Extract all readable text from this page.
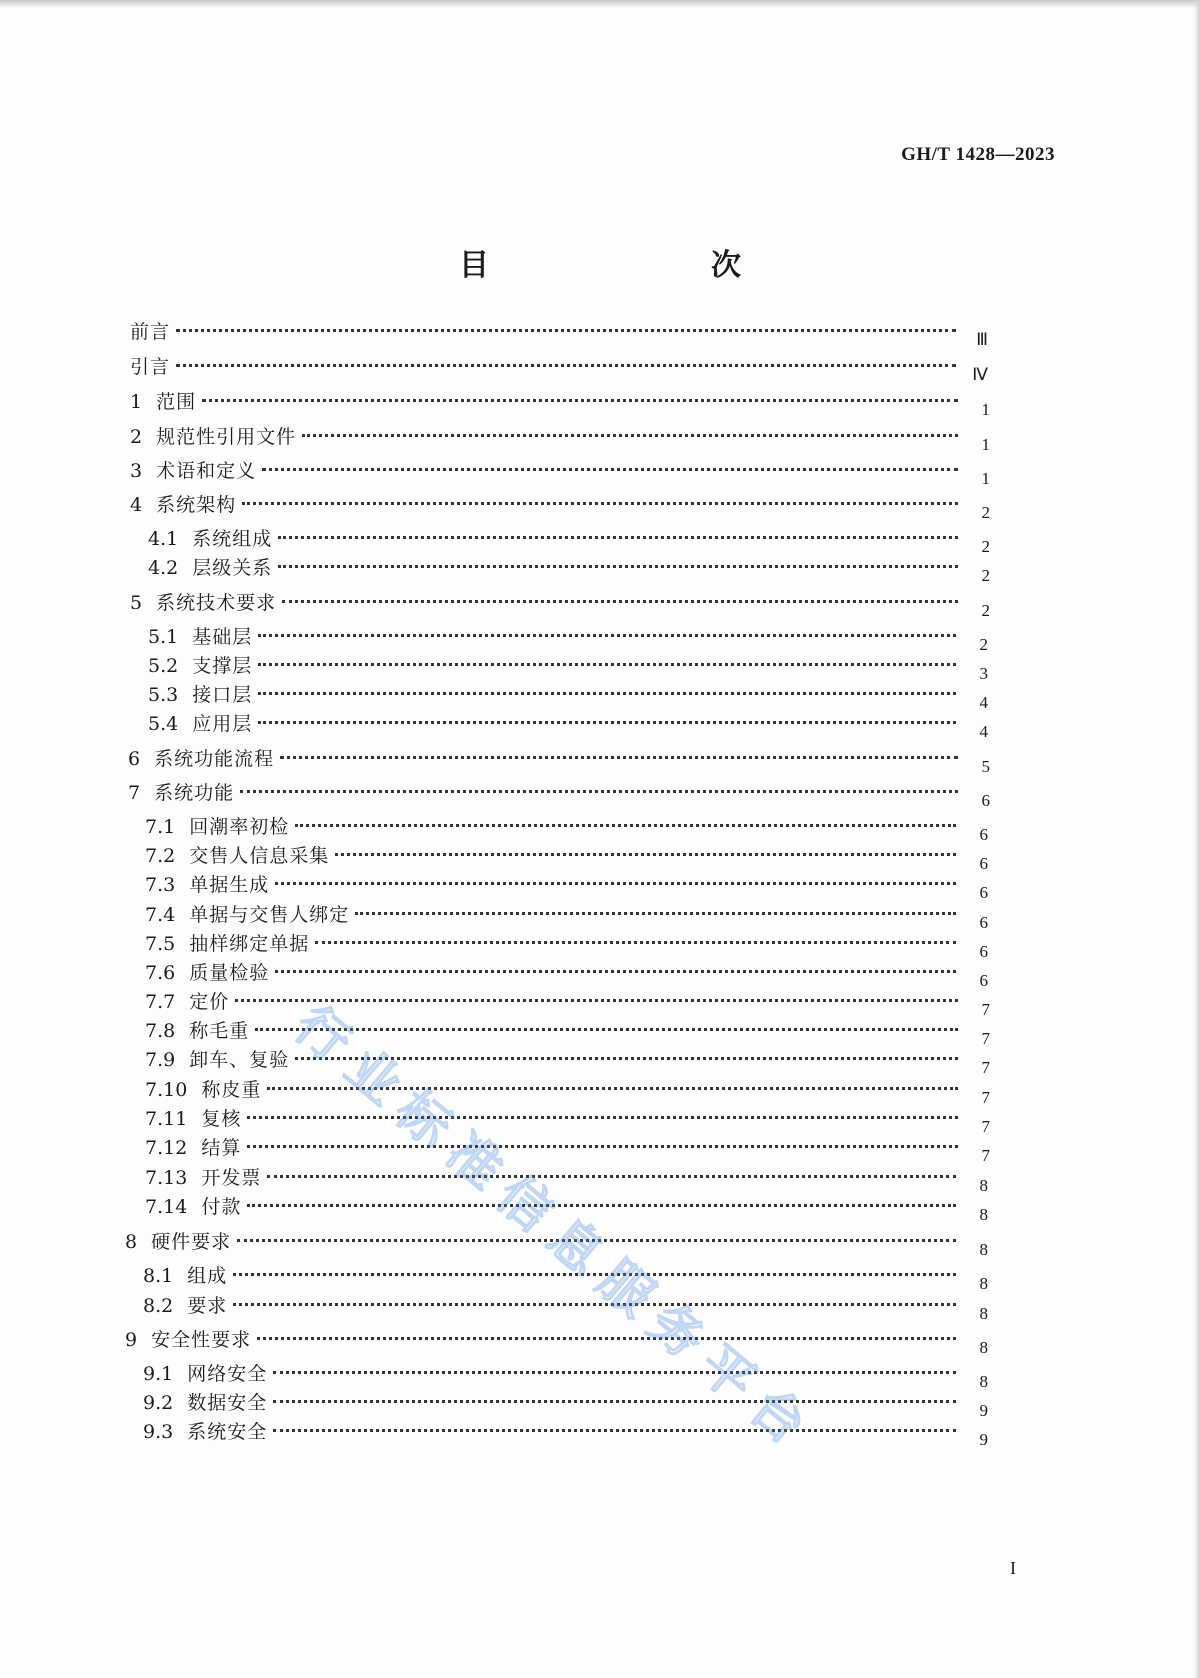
GH/T 1428—2023
目　　次
前言	Ⅲ
引言	Ⅳ
1 范围	1
2 规范性引用文件	1
3 术语和定义	1
4 系统架构	2
4.1 系统组成	2
4.2 层级关系	2
5 系统技术要求	2
5.1 基础层	2
5.2 支撑层	3
5.3 接口层	4
5.4 应用层	4
6 系统功能流程	5
7 系统功能	6
7.1 回潮率初检	6
7.2 交售人信息采集	6
7.3 单据生成	6
7.4 单据与交售人绑定	6
7.5 抽样绑定单据	6
7.6 质量检验	6
7.7 定价	7
7.8 称毛重	7
7.9 卸车、复验	7
7.10 称皮重	7
7.11 复核	7
7.12 结算	7
7.13 开发票	8
7.14 付款	8
8 硬件要求	8
8.1 组成	8
8.2 要求	8
9 安全性要求	8
9.1 网络安全	8
9.2 数据安全	9
9.3 系统安全	9
行业标准信息服务平台
I
